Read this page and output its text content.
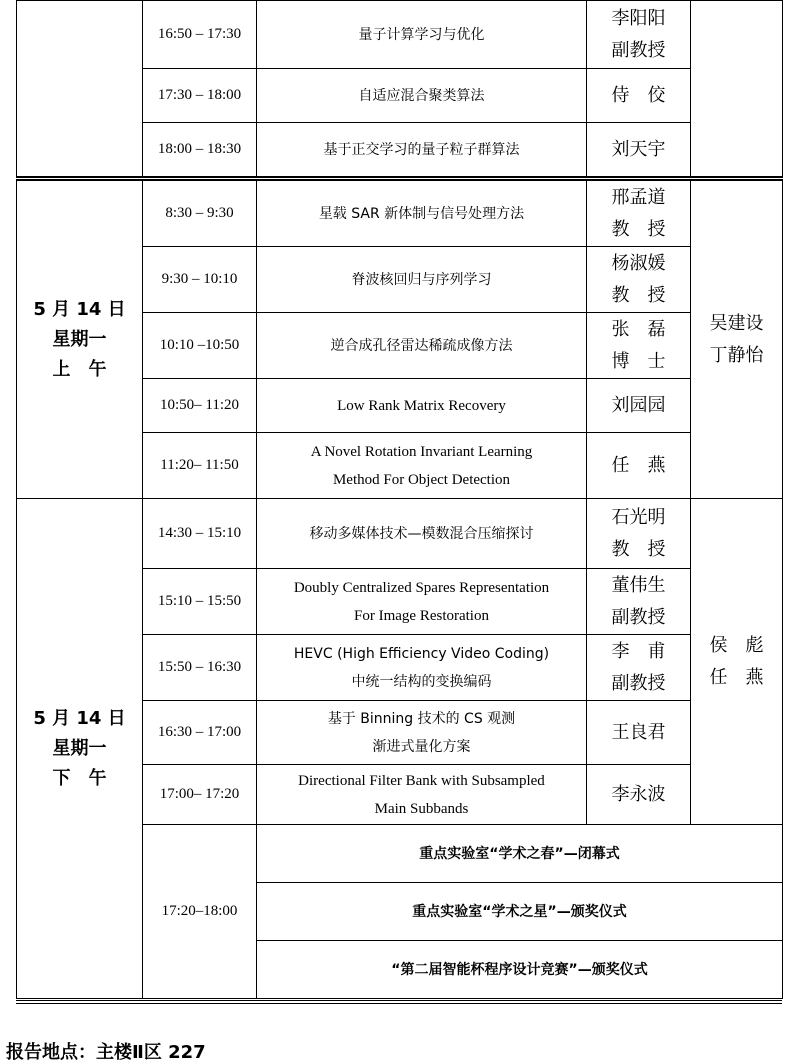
	16:50 – 17:30	量子计算学习与优化	李阳阳
副教授	

	17:30 – 18:00	自适应混合聚类算法	侍　佼	

	18:00 – 18:30	基于正交学习的量子粒子群算法	刘天宇	

5 月 14 日
星期一
上　午	8:30 – 9:30	星载 SAR 新体制与信号处理方法	邢孟道
教　授	吴建设
丁静怡

	9:30 – 10:10	脊波核回归与序列学习	杨淑媛
教　授	

	10:10 –10:50	逆合成孔径雷达稀疏成像方法	张　磊
博　士	

	10:50– 11:20	Low Rank Matrix Recovery	刘园园	

	11:20– 11:50	A Novel Rotation Invariant Learning
Method For Object Detection	任　燕	

5 月 14 日
星期一
下　午	14:30 – 15:10	移动多媒体技术—模数混合压缩探讨	石光明
教　授	侯　彪
任　燕

	15:10 – 15:50	Doubly Centralized Spares Representation
For Image Restoration	董伟生
副教授	

	15:50 – 16:30	HEVC (High Efficiency Video Coding)
中统一结构的变换编码	李　甫
副教授	

	16:30 – 17:00	基于 Binning 技术的 CS 观测
渐进式量化方案	王良君	

	17:00– 17:20	Directional Filter Bank with Subsampled
Main Subbands	李永波	

	17:20–18:00	重点实验室“学术之春”—闭幕式		
		重点实验室“学术之星”—颁奖仪式		
		“第二届智能杯程序设计竞赛”—颁奖仪式		
报告地点：主楼Ⅱ区 227
